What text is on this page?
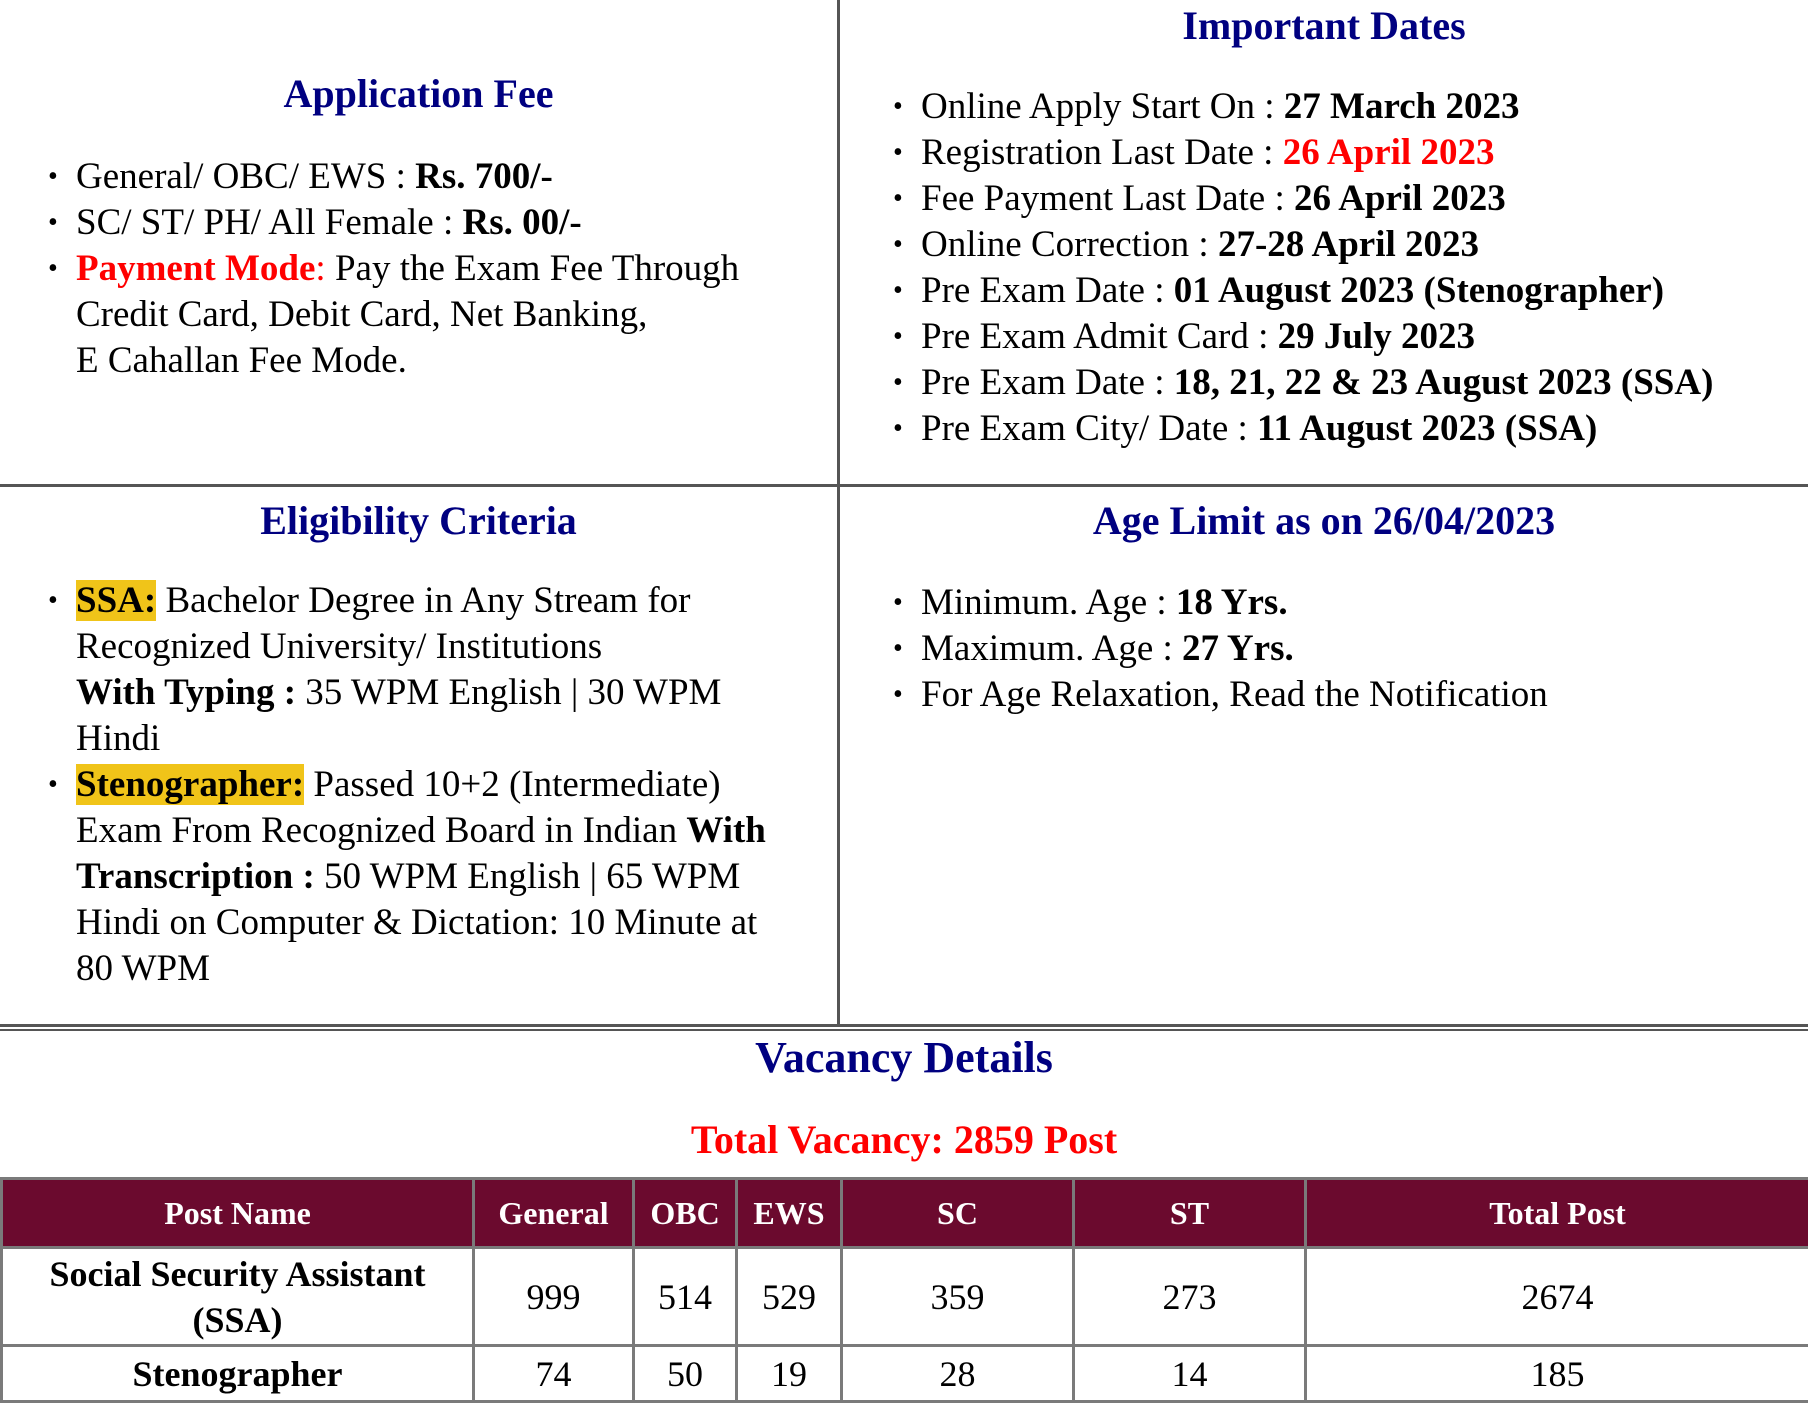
Application Fee
• General/ OBC/ EWS : Rs. 700/-
• SC/ ST/ PH/ All Female : Rs. 00/-
• Payment Mode: Pay the Exam Fee Through
Credit Card, Debit Card, Net Banking,
E Cahallan Fee Mode.
Important Dates
• Online Apply Start On : 27 March 2023
• Registration Last Date : 26 April 2023
• Fee Payment Last Date : 26 April 2023
• Online Correction : 27-28 April 2023
• Pre Exam Date : 01 August 2023 (Stenographer)
• Pre Exam Admit Card : 29 July 2023
• Pre Exam Date : 18, 21, 22 & 23 August 2023 (SSA)
• Pre Exam City/ Date : 11 August 2023 (SSA)
Eligibility Criteria
• SSA: Bachelor Degree in Any Stream for
Recognized University/ Institutions
With Typing : 35 WPM English | 30 WPM
Hindi
• Stenographer: Passed 10+2 (Intermediate)
Exam From Recognized Board in Indian With
Transcription : 50 WPM English | 65 WPM
Hindi on Computer & Dictation: 10 Minute at
80 WPM
Age Limit as on 26/04/2023
• Minimum. Age : 18 Yrs.
• Maximum. Age : 27 Yrs.
• For Age Relaxation, Read the Notification
Vacancy Details
Total Vacancy: 2859 Post
Post Name	General	OBC	EWS	SC	ST	Total Post
Social Security Assistant
(SSA)	999	514	529	359	273	2674
Stenographer	74	50	19	28	14	185
